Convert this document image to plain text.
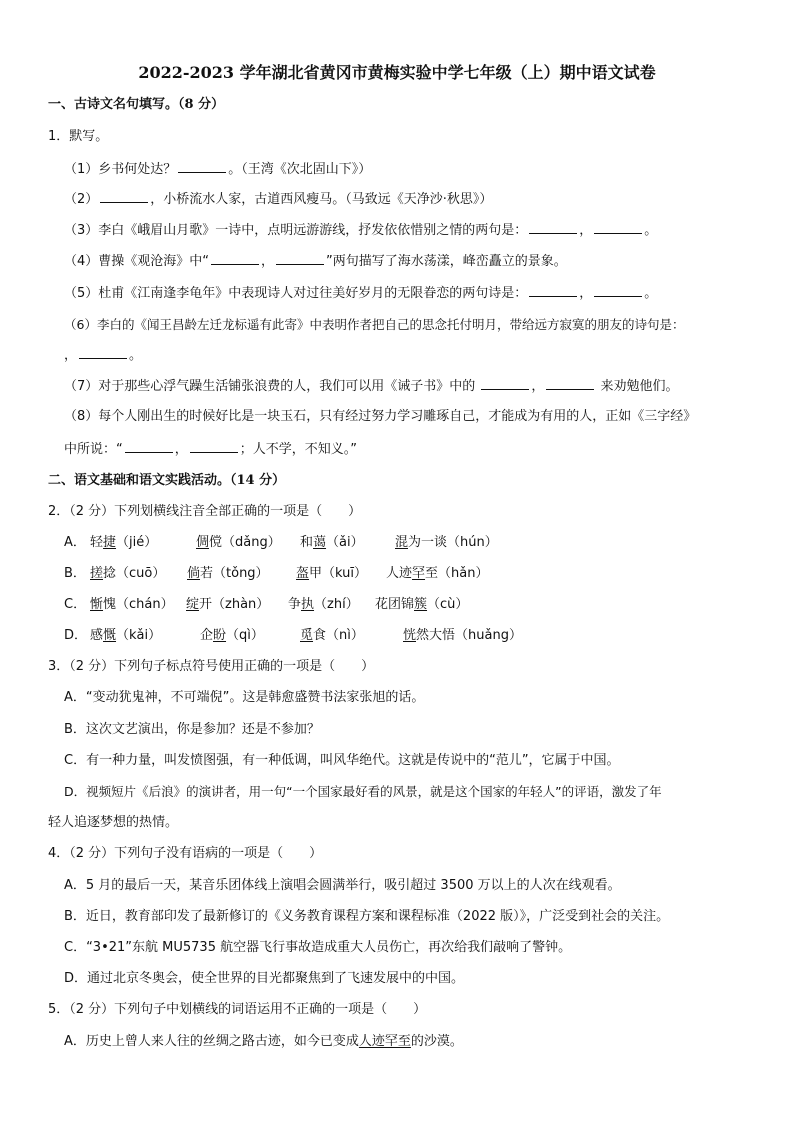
2022-2023 学年湖北省黄冈市黄梅实验中学七年级（上）期中语文试卷
一、古诗文名句填写。（8 分）
1．默写。
（1）乡书何处达？	。（王湾《次北固山下》）
（2）	，小桥流水人家，古道西风瘦马。（马致远《天净沙·秋思》）
（3）李白《峨眉山月歌》一诗中，点明远游游线，抒发依依惜别之情的两句是：	，	。
（4）曹操《观沧海》中“	，	”两句描写了海水荡漾，峰峦矗立的景象。
（5）杜甫《江南逢李龟年》中表现诗人对过往美好岁月的无限眷恋的两句诗是：	，	。
（6）李白的《闻王昌龄左迁龙标遥有此寄》中表明作者把自己的思念托付明月，带给远方寂寞的朋友的诗句是：
，	。
（7）对于那些心浮气躁生活铺张浪费的人，我们可以用《诫子书》中的	，	来劝勉他们。
（8）每个人刚出生的时候好比是一块玉石，只有经过努力学习雕琢自己，才能成为有用的人，正如《三字经》
中所说：“	，	；人不学，不知义。”
二、语文基础和语文实践活动。（14 分）
2．（2 分）下列划横线注音全部正确的一项是（　　）
A． 轻捷（jié）	倜傥（dǎng） 和蔼（ǎi） 混为一谈（hún）
B． 搓捻（cuō） 倘若（tǒng） 盔甲（kuī） 人迹罕至（hǎn）
C． 惭愧（chán） 绽开（zhàn） 争执（zhí） 花团锦簇（cù）
D． 感慨（kǎi）	企盼（qì）	觅食（nì）	恍然大悟（huǎng）
3．（2 分）下列句子标点符号使用正确的一项是（　　）
A．“变动犹鬼神，不可端倪”。这是韩愈盛赞书法家张旭的话。
B．这次文艺演出，你是参加？还是不参加？
C．有一种力量，叫发愤图强，有一种低调，叫风华绝代。这就是传说中的“范儿”，它属于中国。
D．视频短片《后浪》的演讲者，用一句“一个国家最好看的风景，就是这个国家的年轻人”的评语，激发了年
轻人追逐梦想的热情。
4．（2 分）下列句子没有语病的一项是（　　）
A．5 月的最后一天，某音乐团体线上演唱会圆满举行，吸引超过 3500 万以上的人次在线观看。
B．近日，教育部印发了最新修订的《义务教育课程方案和课程标准（2022 版）》，广泛受到社会的关注。
C．“3•21”东航 MU5735 航空器飞行事故造成重大人员伤亡，再次给我们敲响了警钟。
D．通过北京冬奥会，使全世界的目光都聚焦到了飞速发展中的中国。
5．（2 分）下列句子中划横线的词语运用不正确的一项是（　　）
A．历史上曾人来人往的丝绸之路古迹，如今已变成人迹罕至的沙漠。
